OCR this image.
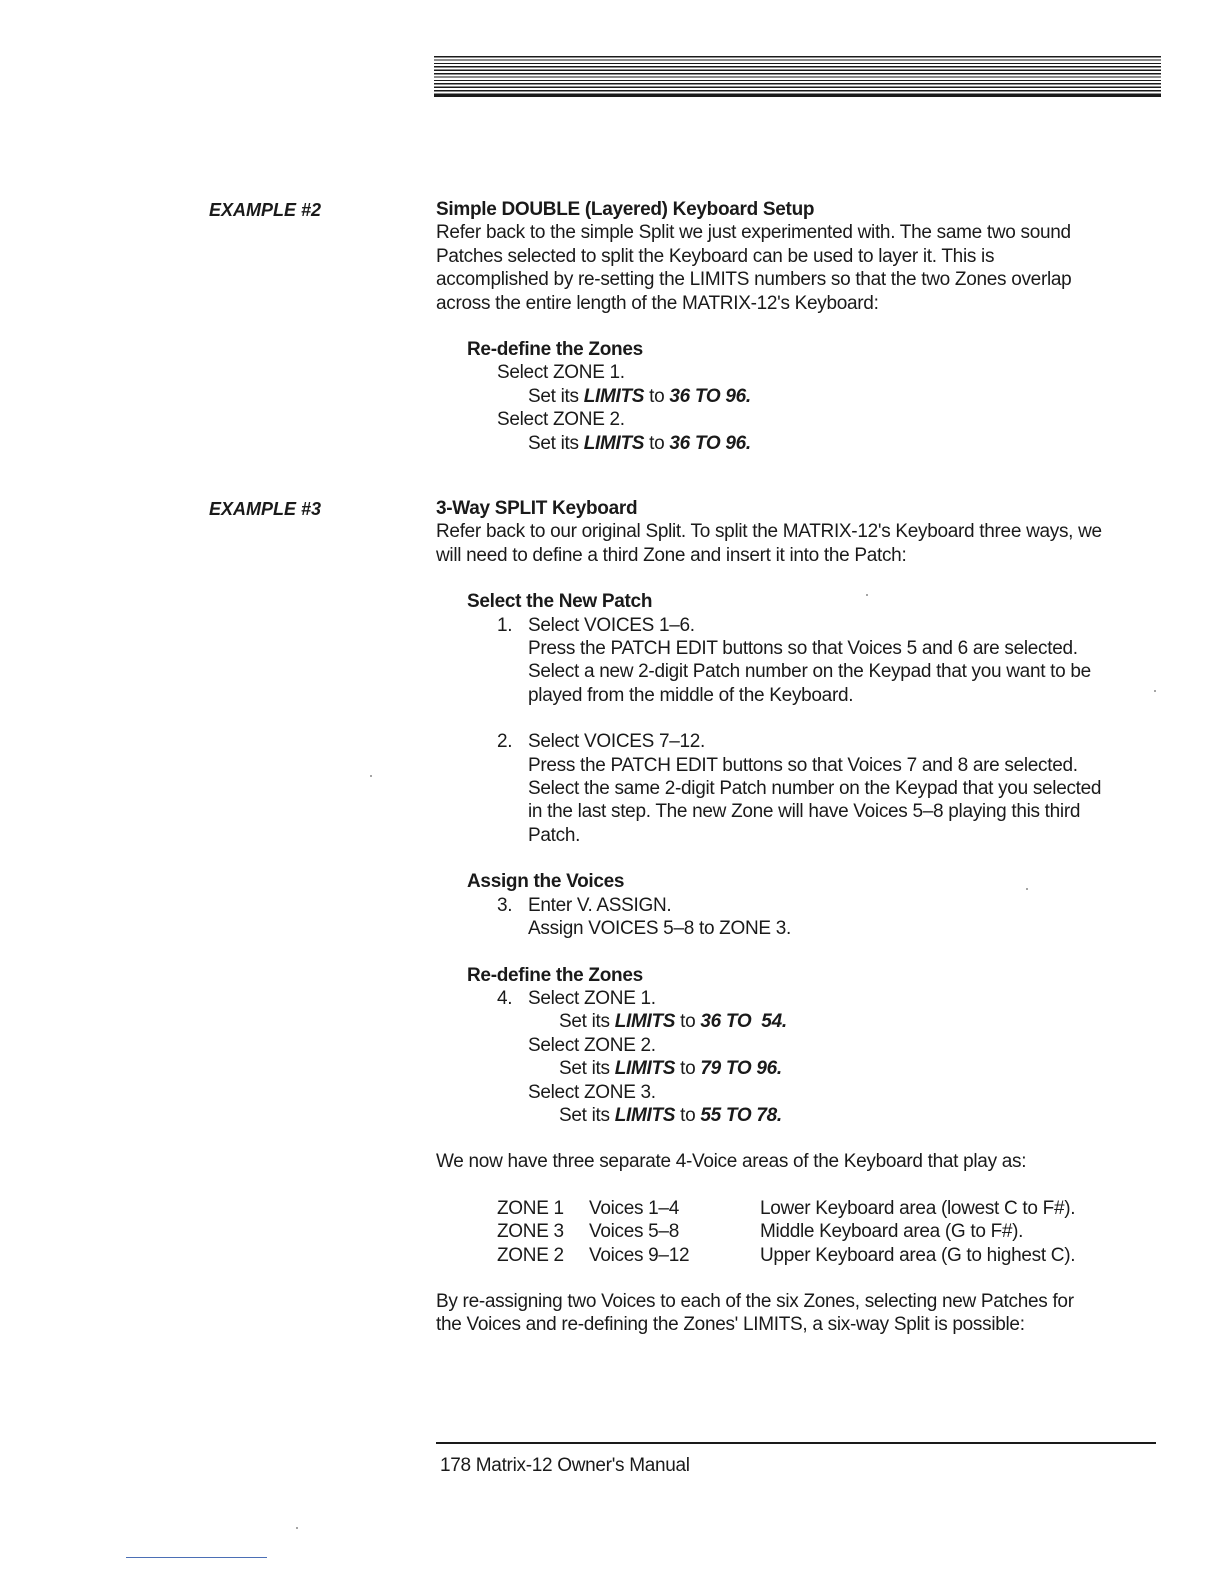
EXAMPLE #2	Simple DOUBLE (Layered) Keyboard Setup

Refer back to the simple Split we just experimented with. The same two sound

Patches selected to split the Keyboard can be used to layer it. This is

accomplished by re-setting the LIMITS numbers so that the two Zones overlap

across the entire length of the MATRIX-12's Keyboard:

Re-define the Zones

Select ZONE 1.

Set its LIMITS to 36 TO 96.

Select ZONE 2.

Set its LIMITS to 36 TO 96.

EXAMPLE #3	3-Way SPLIT Keyboard

Refer back to our original Split. To split the MATRIX-12's Keyboard three ways, we

will need to define a third Zone and insert it into the Patch:

Select the New Patch

1. Select VOICES 1–6.

Press the PATCH EDIT buttons so that Voices 5 and 6 are selected.

Select a new 2-digit Patch number on the Keypad that you want to be

played from the middle of the Keyboard.

2. Select VOICES 7–12.

Press the PATCH EDIT buttons so that Voices 7 and 8 are selected.

Select the same 2-digit Patch number on the Keypad that you selected

in the last step. The new Zone will have Voices 5–8 playing this third

Patch.

Assign the Voices

3. Enter V. ASSIGN.

Assign VOICES 5–8 to ZONE 3.

Re-define the Zones

4. Select ZONE 1.

Set its LIMITS to 36 TO  54.

Select ZONE 2.

Set its LIMITS to 79 TO 96.

Select ZONE 3.

Set its LIMITS to 55 TO 78.

We now have three separate 4-Voice areas of the Keyboard that play as:

ZONE 1	Voices 1–4	Lower Keyboard area (lowest C to F#).
ZONE 3	Voices 5–8	Middle Keyboard area (G to F#).
ZONE 2	Voices 9–12	Upper Keyboard area (G to highest C).

By re-assigning two Voices to each of the six Zones, selecting new Patches for

the Voices and re-defining the Zones' LIMITS, a six-way Split is possible:

178 Matrix-12 Owner's Manual
